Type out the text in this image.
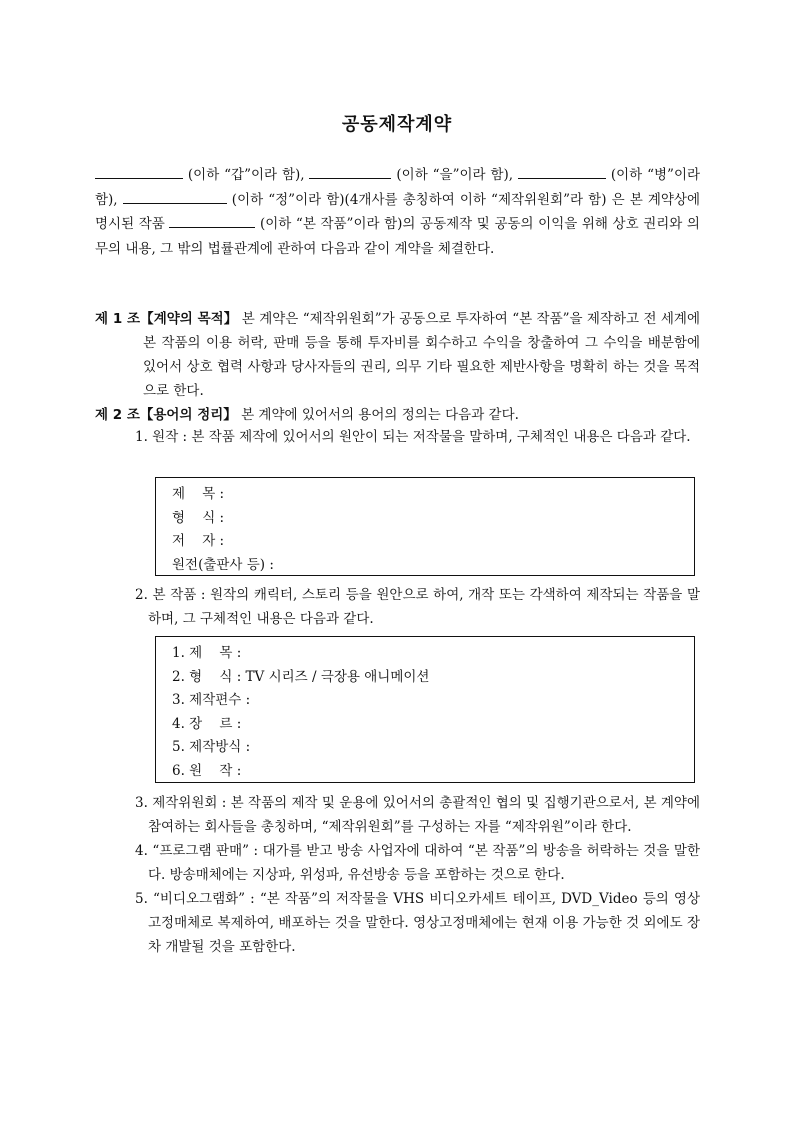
공동제작계약
(이하 “갑”이라 함),	(이하 “을”이라 함),	(이하 “병”이라 함),	(이하 “정”이라 함)(4개사를 총칭하여 이하 “제작위원회”라 함) 은 본 계약상에 명시된 작품	(이하 “본 작품”이라 함)의 공동제작 및 공동의 이익을 위해 상호 권리와 의무의 내용, 그 밖의 법률관계에 관하여 다음과 같이 계약을 체결한다.
제 1 조【계약의 목적】 본 계약은 “제작위원회”가 공동으로 투자하여 “본 작품”을 제작하고 전 세계에 본 작품의 이용 허락, 판매 등을 통해 투자비를 회수하고 수익을 창출하여 그 수익을 배분함에 있어서 상호 협력 사항과 당사자들의 권리, 의무 기타 필요한 제반사항을 명확히 하는 것을 목적으로 한다.
제 2 조【용어의 정리】 본 계약에 있어서의 용어의 정의는 다음과 같다.

1. 원작 : 본 작품 제작에 있어서의 원안이 되는 저작물을 말하며, 구체적인 내용은 다음과 같다.

제    목 :
형    식 :
저    자 :
원전(출판사 등) :

2. 본 작품 : 원작의 캐릭터, 스토리 등을 원안으로 하여, 개작 또는 각색하여 제작되는 작품을 말하며, 그 구체적인 내용은 다음과 같다.

1. 제    목 :
2. 형    식 : TV 시리즈 / 극장용 애니메이션
3. 제작편수 :
4. 장    르 :
5. 제작방식 :
6. 원    작 :

3. 제작위원회 : 본 작품의 제작 및 운용에 있어서의 총괄적인 협의 및 집행기관으로서, 본 계약에 참여하는 회사들을 총칭하며, “제작위원회”를 구성하는 자를 “제작위원”이라 한다.

4. “프로그램 판매” : 대가를 받고 방송 사업자에 대하여 “본 작품”의 방송을 허락하는 것을 말한다. 방송매체에는 지상파, 위성파, 유선방송 등을 포함하는 것으로 한다.

5. “비디오그램화” : “본 작품”의 저작물을 VHS 비디오카세트 테이프, DVD_Video 등의 영상고정매체로 복제하여, 배포하는 것을 말한다. 영상고정매체에는 현재 이용 가능한 것 외에도 장차 개발될 것을 포함한다.
